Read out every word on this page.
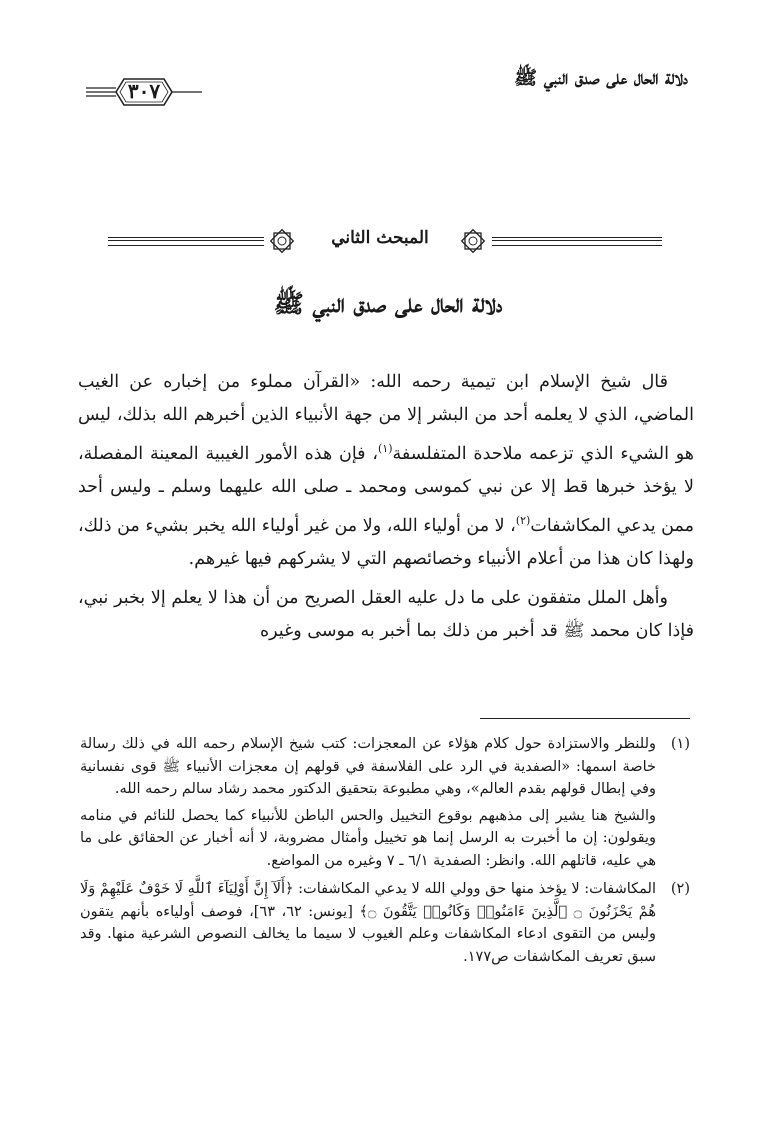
دلالة الحال على صدق النبي ﷺ
٣٠٧
المبحث الثاني
دلالة الحال على صدق النبي ﷺ

قال شيخ الإسلام ابن تيمية رحمه الله: «القرآن مملوء من إخباره عن الغيب الماضي، الذي لا يعلمه أحد من البشر إلا من جهة الأنبياء الذين أخبرهم الله بذلك، ليس هو الشيء الذي تزعمه ملاحدة المتفلسفة$^{(١)}$، فإن هذه الأمور الغيبية المعينة المفصلة، لا يؤخذ خبرها قط إلا عن نبي كموسى ومحمد ـ صلى الله عليهما وسلم ـ وليس أحد ممن يدعي المكاشفات$^{(٢)}$، لا من أولياء الله، ولا من غير أولياء الله يخبر بشيء من ذلك، ولهذا كان هذا من أعلام الأنبياء وخصائصهم التي لا يشركهم فيها غيرهم.

وأهل الملل متفقون على ما دل عليه العقل الصريح من أن هذا لا يعلم إلا بخبر نبي، فإذا كان محمد ﷺ قد أخبر من ذلك بما أخبر به موسى وغيره

(١)

وللنظر والاستزادة حول كلام هؤلاء عن المعجزات: كتب شيخ الإسلام رحمه الله في ذلك رسالة خاصة اسمها: «الصفدية في الرد على الفلاسفة في قولهم إن معجزات الأنبياء ﷺ قوى نفسانية وفي إبطال قولهم بقدم العالم»، وهي مطبوعة بتحقيق الدكتور محمد رشاد سالم رحمه الله.

والشيخ هنا يشير إلى مذهبهم بوقوع التخييل والحس الباطن للأنبياء كما يحصل للنائم في منامه ويقولون: إن ما أخبرت به الرسل إنما هو تخييل وأمثال مضروبة، لا أنه أخبار عن الحقائق على ما هي عليه، قاتلهم الله. وانظر: الصفدية ٦/١ ـ ٧ وغيره من المواضع.

(٢)

المكاشفات: لا يؤخذ منها حق وولي الله لا يدعي المكاشفات: ﴿أَلَآ إِنَّ أَوْلِيَآءَ ٱللَّهِ لَا خَوْفٌ عَلَيْهِمْ وَلَا هُمْ يَحْزَنُونَ ۝ ٱلَّذِينَ ءَامَنُوا۟ وَكَانُوا۟ يَتَّقُونَ ۝﴾ [يونس: ٦٢، ٦٣]، فوصف أولياءه بأنهم يتقون وليس من التقوى ادعاء المكاشفات وعلم الغيوب لا سيما ما يخالف النصوص الشرعية منها. وقد سبق تعريف المكاشفات ص١٧٧.
